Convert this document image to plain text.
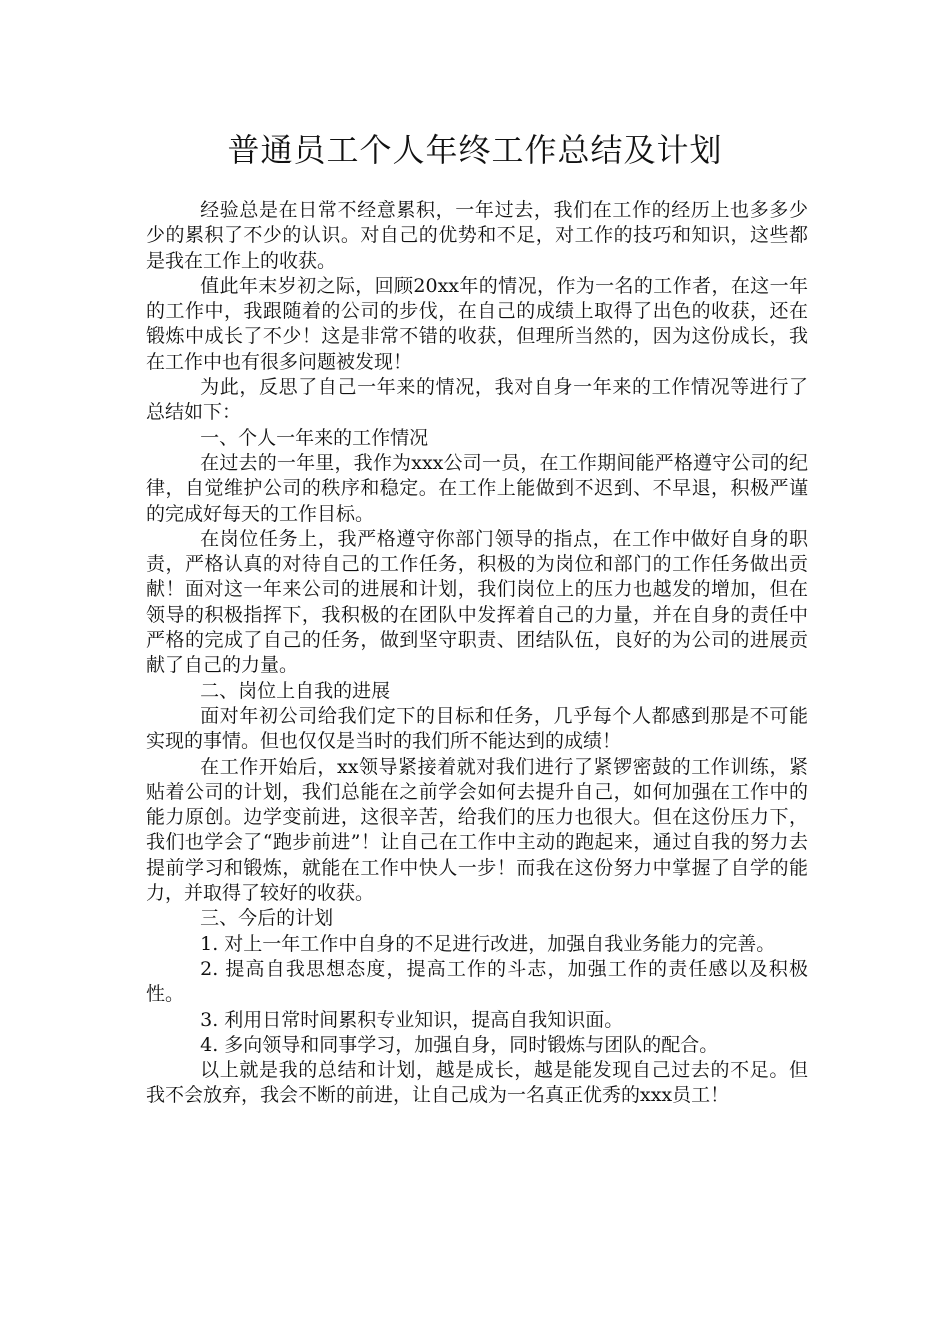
普通员工个人年终工作总结及计划

经验总是在日常不经意累积，一年过去，我们在工作的经历上也多多少少的累积了不少的认识。对自己的优势和不足，对工作的技巧和知识，这些都是我在工作上的收获。

值此年末岁初之际，回顾20xx年的情况，作为一名的工作者，在这一年的工作中，我跟随着的公司的步伐，在自己的成绩上取得了出色的收获，还在锻炼中成长了不少！这是非常不错的收获，但理所当然的，因为这份成长，我在工作中也有很多问题被发现！

为此，反思了自己一年来的情况，我对自身一年来的工作情况等进行了总结如下：

一、个人一年来的工作情况

在过去的一年里，我作为xxx公司一员，在工作期间能严格遵守公司的纪律，自觉维护公司的秩序和稳定。在工作上能做到不迟到、不早退，积极严谨的完成好每天的工作目标。

在岗位任务上，我严格遵守你部门领导的指点，在工作中做好自身的职责，严格认真的对待自己的工作任务，积极的为岗位和部门的工作任务做出贡献！面对这一年来公司的进展和计划，我们岗位上的压力也越发的增加，但在领导的积极指挥下，我积极的在团队中发挥着自己的力量，并在自身的责任中严格的完成了自己的任务，做到坚守职责、团结队伍，良好的为公司的进展贡献了自己的力量。

二、岗位上自我的进展

面对年初公司给我们定下的目标和任务，几乎每个人都感到那是不可能实现的事情。但也仅仅是当时的我们所不能达到的成绩！

在工作开始后，xx领导紧接着就对我们进行了紧锣密鼓的工作训练，紧贴着公司的计划，我们总能在之前学会如何去提升自己，如何加强在工作中的能力原创。边学变前进，这很辛苦，给我们的压力也很大。但在这份压力下，我们也学会了“跑步前进”！让自己在工作中主动的跑起来，通过自我的努力去提前学习和锻炼，就能在工作中快人一步！而我在这份努力中掌握了自学的能力，并取得了较好的收获。

三、今后的计划

1. 对上一年工作中自身的不足进行改进，加强自我业务能力的完善。

2. 提高自我思想态度，提高工作的斗志，加强工作的责任感以及积极性。

3. 利用日常时间累积专业知识，提高自我知识面。

4. 多向领导和同事学习，加强自身，同时锻炼与团队的配合。

以上就是我的总结和计划，越是成长，越是能发现自己过去的不足。但我不会放弃，我会不断的前进，让自己成为一名真正优秀的xxx员工！
